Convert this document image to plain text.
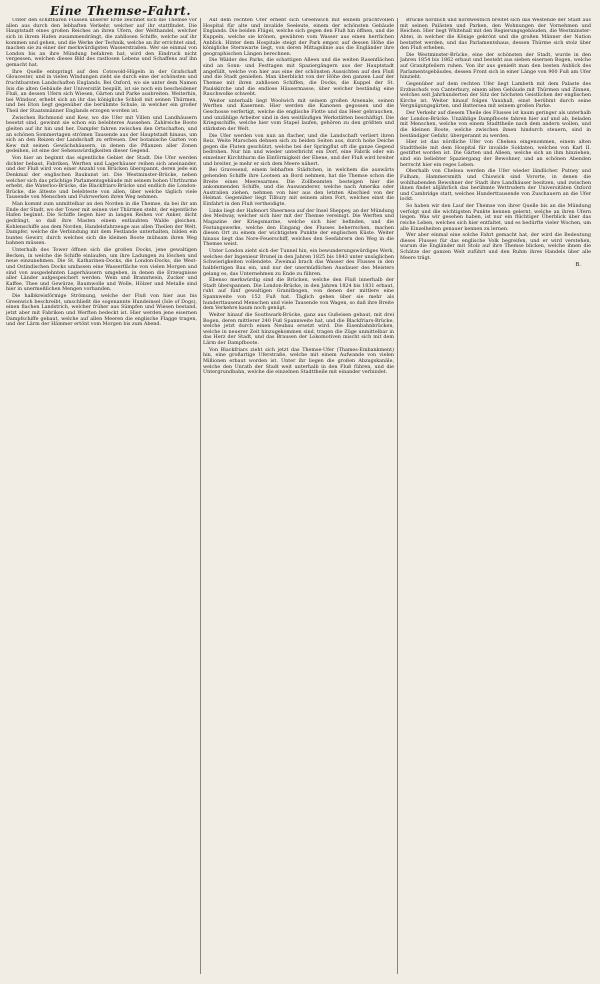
Eine Themse-Fahrt.

Unter den schiffbaren Flüssen unserer Erde zeichnet sich die Themse vor allen aus durch den lebhaften Verkehr, welcher auf ihr stattfindet. Die Hauptstadt eines großen Reiches an ihren Ufern, der Welthandel, welcher sich in ihrem Hafen zusammendrängt, die zahllosen Schiffe, welche auf ihr kommen und gehen, und die Werke der Technik, welche an ihr errichtet sind, machen sie zu einer der merkwürdigsten Wasserstraßen. Wer sie einmal von London bis an ihre Mündung befahren hat, wird den Eindruck nicht vergessen, welchen dieses Bild des rastlosen Lebens und Schaffens auf ihn gemacht hat.

Ihre Quelle entspringt auf den Cotswold-Hügeln in der Grafschaft Gloucester, und in vielen Windungen zieht sie durch eine der schönsten und fruchtbarsten Landschaften Englands. Bei Oxford, wo sie unter dem Namen Isis die alten Gebäude der Universität bespült, ist sie noch ein bescheidener Fluß, an dessen Ufern sich Wiesen, Gärten und Parke ausbreiten. Weiterhin, bei Windsor, erhebt sich an ihr das königliche Schloß mit seinen Thürmen, und bei Eton liegt gegenüber die berühmte Schule, in welcher ein großer Theil der Staatsmänner Englands erzogen worden ist.

Zwischen Richmond und Kew, wo die Ufer mit Villen und Landhäusern besetzt sind, gewinnt sie schon ein belebteres Aussehen. Zahlreiche Boote gleiten auf ihr hin und her, Dampfer fahren zwischen den Ortschaften, und an schönen Sommertagen strömen Tausende aus der Hauptstadt hinaus, um sich an den Reizen der Landschaft zu erfreuen. Der botanische Garten von Kew mit seinen Gewächshäusern, in denen die Pflanzen aller Zonen gedeihen, ist eine der Sehenswürdigkeiten dieser Gegend.

Von hier an beginnt das eigentliche Gebiet der Stadt. Die Ufer werden dichter bebaut, Fabriken, Werften und Lagerhäuser reihen sich aneinander, und der Fluß wird von einer Anzahl von Brücken überspannt, deren jede ein Denkmal der englischen Baukunst ist. Die Westminster-Brücke, neben welcher sich das prächtige Parlamentsgebäude mit seinem hohen Uhrthurme erhebt, die Waterloo-Brücke, die Blackfriars-Brücke und endlich die London-Brücke, die älteste und belebteste von allen, über welche täglich viele Tausende von Menschen und Fuhrwerken ihren Weg nehmen.

Man kommt zum unmittelbar an den Norden in die Themse, da bei ihr am Ende der Stadt, wo der Tower mit seinen vier Thürmen steht, der eigentliche Hafen beginnt. Die Schiffe liegen hier in langen Reihen vor Anker, dicht gedrängt, so daß ihre Masten einem entlaubten Walde gleichen. Kohlenschiffe aus dem Norden, Handelsfahrzeuge aus allen Theilen der Welt, Dampfer, welche die Verbindung mit dem Festlande unterhalten, bilden ein buntes Gewirr, durch welches sich die kleinen Boote mühsam ihren Weg bahnen müssen.

Unterhalb des Tower öffnen sich die großen Docks, jene gewaltigen Becken, in welche die Schiffe einlaufen, um ihre Ladungen zu löschen und neue einzunehmen. Die St. Katharinen-Docks, die London-Docks, die West- und Ostindischen Docks umfassen eine Wasserfläche von vielen Morgen und sind von ausgedehnten Lagerhäusern umgeben, in denen die Erzeugnisse aller Länder aufgespeichert werden. Wein und Branntwein, Zucker und Kaffee, Thee und Gewürze, Baumwolle und Wolle, Hölzer und Metalle sind hier in unermeßlichen Mengen vorhanden.

Die halbkreisförmige Strömung, welche der Fluß von hier aus bis Greenwich beschreibt, umschließt die sogenannte Hundeinsel (Isle of Dogs), einen flachen Landstrich, welcher früher aus Sümpfen und Wiesen bestand, jetzt aber mit Fabriken und Werften bedeckt ist. Hier werden jene eisernen Dampfschiffe gebaut, welche auf allen Meeren die englische Flagge tragen, und der Lärm der Hämmer ertönt vom Morgen bis zum Abend.

Auf dem rechten Ufer erhebt sich Greenwich mit seinem prachtvollen Hospital für alte und invalide Seeleute, einem der schönsten Gebäude Englands. Die beiden Flügel, welche sich gegen den Fluß hin öffnen, und die Kuppeln, welche sie krönen, gewähren vom Wasser aus einen herrlichen Anblick. Hinter dem Hospitale steigt der Park empor, auf dessen Höhe die königliche Sternwarte liegt, von deren Mittagslinie aus die Engländer ihre geographischen Längen berechnen.

Die Wälder des Parks, die schattigen Alleen und die weiten Rasenflächen sind an Sonn- und Festtagen mit Spaziergängern aus der Hauptstadt angefüllt, welche von hier aus eine der schönsten Aussichten auf den Fluß und die Stadt genießen. Man überblickt von der Höhe den ganzen Lauf der Themse mit ihren zahllosen Schiffen, die Docks, die Kuppel der St. Paulskirche und die endlose Häusermasse, über welcher beständig eine Rauchwolke schwebt.

Weiter unterhalb liegt Woolwich mit seinem großen Arsenale, seinen Werften und Kasernen. Hier werden die Kanonen gegossen und die Geschosse verfertigt, welche die englische Flotte und das Heer gebrauchen, und unzählige Arbeiter sind in den weitläufigen Werkstätten beschäftigt. Die Kriegsschiffe, welche hier vom Stapel laufen, gehören zu den größten und stärksten der Welt.

Die Ufer werden von nun an flacher, und die Landschaft verliert ihren Reiz. Weite Marschen dehnen sich zu beiden Seiten aus, durch hohe Deiche gegen die Fluten geschützt, welche bei der Springflut oft die ganze Gegend bedrohen. Nur hin und wieder unterbricht ein Dorf, eine Fabrik oder ein einzelner Kirchthurm die Einförmigkeit der Ebene, und der Fluß wird breiter und breiter, je mehr er sich dem Meere nähert.

Bei Gravesend, einem lebhaften Städtchen, in welchem die auswärts gehenden Schiffe ihre Lootsen an Bord nehmen, hat die Themse schon die Breite eines Meeresarmes. Die Zollbeamten besteigen hier die ankommenden Schiffe, und die Auswanderer, welche nach Amerika oder Australien ziehen, nehmen von hier aus den letzten Abschied von der Heimat. Gegenüber liegt Tilbury mit seinem alten Fort, welches einst die Einfahrt in den Fluß vertheidigte.

Links liegt der Hafenort Sheerness auf der Insel Sheppey, an der Mündung des Medway, welcher sich hier mit der Themse vereinigt. Die Werften und Magazine der Kriegsmarine, welche sich hier befinden, und die Festungswerke, welche den Eingang des Flusses beherrschen, machen diesen Ort zu einem der wichtigsten Punkte der englischen Küste. Weiter hinaus liegt das Nore-Feuerschiff, welches den Seefahrern den Weg in die Themse weist.

Unter London zieht sich der Tunnel hin, ein bewunderungswürdiges Werk, welches der Ingenieur Brunel in den Jahren 1825 bis 1843 unter unsäglichen Schwierigkeiten vollendete. Zweimal brach das Wasser des Flusses in den halbfertigen Bau ein, und nur der unermüdlichen Ausdauer des Meisters gelang es, das Unternehmen zu Ende zu führen.

Ebenso merkwürdig sind die Brücken, welche den Fluß innerhalb der Stadt überspannen. Die London-Brücke, in den Jahren 1824 bis 1831 erbaut, ruht auf fünf gewaltigen Granitbogen, von denen der mittlere eine Spannweite von 152 Fuß hat. Täglich gehen über sie mehr als hunderttausend Menschen und viele Tausende von Wagen, so daß ihre Breite dem Verkehre kaum noch genügt.

Weiter hinauf die Southwark-Brücke, ganz aus Gußeisen gebaut, mit drei Bogen, deren mittlerer 240 Fuß Spannweite hat, und die Blackfriars-Brücke, welche jetzt durch einen Neubau ersetzt wird. Die Eisenbahnbrücken, welche in neuerer Zeit hinzugekommen sind, tragen die Züge unmittelbar in das Herz der Stadt, und das Brausen der Lokomotiven mischt sich mit dem Lärm der Dampfboote.

Von Blackfriars zieht sich jetzt das Themse-Ufer (Thames-Embankment) hin, eine großartige Uferstraße, welche mit einem Aufwande von vielen Millionen erbaut worden ist. Unter ihr liegen die großen Abzugskanäle, welche den Unrath der Stadt weit unterhalb in den Fluß führen, und die Untergrundbahn, welche die einzelnen Stadttheile mit einander verbindet.

Brücke nördlich und nordwestlich breitet sich das Westende der Stadt aus mit seinen Palästen und Parken, den Wohnungen der Vornehmen und Reichen. Hier liegt Whitehall mit den Regierungsgebäuden, die Westminster-Abtei, in welcher die Könige gekrönt und die großen Männer der Nation bestattet werden, und das Parlamentshaus, dessen Thürme sich stolz über den Fluß erheben.

Die Westminster-Brücke, eine der schönsten der Stadt, wurde in den Jahren 1854 bis 1862 erbaut und besteht aus sieben eisernen Bogen, welche auf Granitpfeilern ruhen. Von ihr aus genießt man den besten Anblick des Parlamentsgebäudes, dessen Front sich in einer Länge von 900 Fuß am Ufer hinzieht.

Gegenüber auf dem rechten Ufer liegt Lambeth mit dem Palaste des Erzbischofs von Canterbury, einem alten Gebäude mit Thürmen und Zinnen, welches seit Jahrhunderten der Sitz der höchsten Geistlichen der englischen Kirche ist. Weiter hinauf folgen Vauxhall, einst berühmt durch seine Vergnügungsgärten, und Battersea mit seinem großen Parke.

Der Verkehr auf diesem Theile des Flusses ist kaum geringer als unterhalb der London-Brücke. Unzählige Dampfboote fahren hier auf und ab, beladen mit Menschen, welche von einem Stadttheile nach dem andern wollen, und die kleinen Boote, welche zwischen ihnen hindurch steuern, sind in beständiger Gefahr, übergerannt zu werden.

Hier ist das nördliche Ufer von Chelsea eingenommen, einem alten Stadttheile mit dem Hospital für invalide Soldaten, welches von Karl II. gestiftet worden ist. Die Gärten und Alleen, welche sich an ihm hinziehen, sind ein beliebter Spaziergang der Bewohner, und an schönen Abenden herrscht hier ein reges Leben.

Oberhalb von Chelsea werden die Ufer wieder ländlicher. Putney und Fulham, Hammersmith und Chiswick sind Vororte, in denen die wohlhabenden Bewohner der Stadt ihre Landhäuser besitzen, und zwischen ihnen findet alljährlich das berühmte Wettrudern der Universitäten Oxford und Cambridge statt, welches Hunderttausende von Zuschauern an die Ufer lockt.

So haben wir den Lauf der Themse von ihrer Quelle bis an die Mündung verfolgt und die wichtigsten Punkte kennen gelernt, welche an ihren Ufern liegen. Was wir gesehen haben, ist nur ein flüchtiger Überblick über das reiche Leben, welches sich hier entfaltet, und es bedürfte vieler Wochen, um alle Einzelheiten genauer kennen zu lernen.

Wer aber einmal eine solche Fahrt gemacht hat, der wird die Bedeutung dieses Flusses für das englische Volk begreifen, und er wird verstehen, warum die Engländer mit Stolz auf ihre Themse blicken, welche ihnen die Schätze der ganzen Welt zuführt und den Ruhm ihres Handels über alle Meere trägt.

B.
